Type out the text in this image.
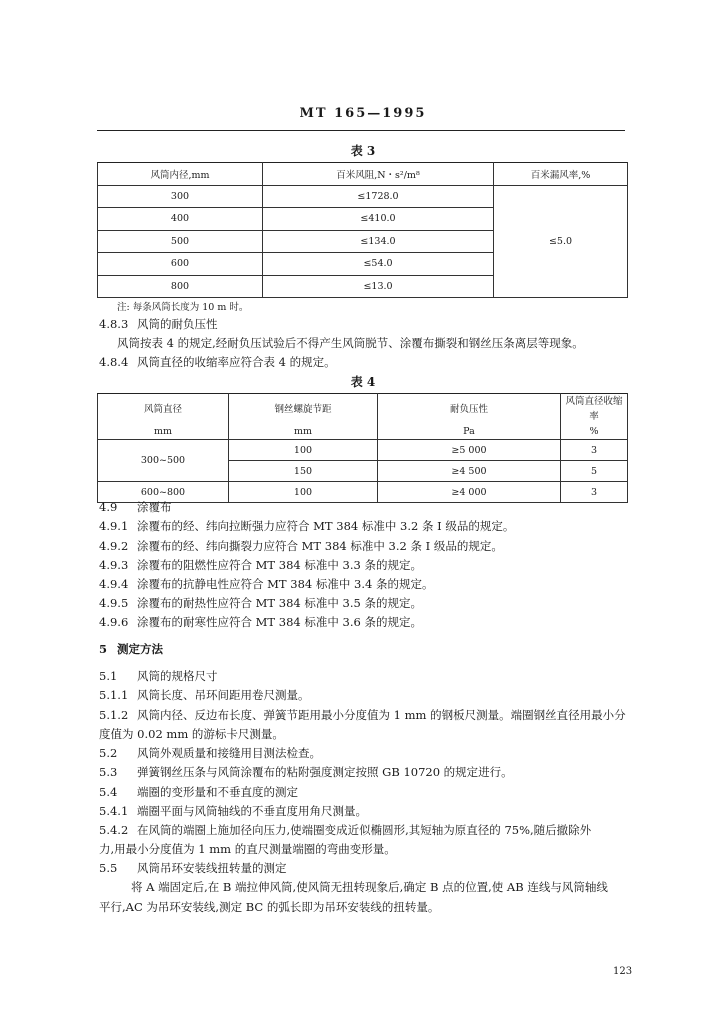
MT 165—1995
表 3
风筒内径,mm	百米风阻,N・s²/m⁸	百米漏风率,%
300	≤1728.0	≤5.0
400	≤410.0	
500	≤134.0	
600	≤54.0	
800	≤13.0	
注: 每条风筒长度为 10 m 时。
4.8.3 风筒的耐负压性
风筒按表 4 的规定,经耐负压试验后不得产生风筒脱节、涂覆布撕裂和钢丝压条离层等现象。
4.8.4 风筒直径的收缩率应符合表 4 的规定。
表 4
风筒直径	钢丝螺旋节距	耐负压性	风筒直径收缩率
mm	mm	Pa	%
300~500	100	≥5 000	3
	150	≥4 500	5
600~800	100	≥4 000	3
4.9 涂覆布
4.9.1 涂覆布的经、纬向拉断强力应符合 MT 384 标准中 3.2 条 Ⅰ 级品的规定。
4.9.2 涂覆布的经、纬向撕裂力应符合 MT 384 标准中 3.2 条 Ⅰ 级品的规定。
4.9.3 涂覆布的阻燃性应符合 MT 384 标准中 3.3 条的规定。
4.9.4 涂覆布的抗静电性应符合 MT 384 标准中 3.4 条的规定。
4.9.5 涂覆布的耐热性应符合 MT 384 标准中 3.5 条的规定。
4.9.6 涂覆布的耐寒性应符合 MT 384 标准中 3.6 条的规定。
5 测定方法
5.1 风筒的规格尺寸
5.1.1 风筒长度、吊环间距用卷尺测量。
5.1.2 风筒内径、反边布长度、弹簧节距用最小分度值为 1 mm 的钢板尺测量。端圈钢丝直径用最小分
度值为 0.02 mm 的游标卡尺测量。
5.2 风筒外观质量和接缝用目测法检查。
5.3 弹簧钢丝压条与风筒涂覆布的粘附强度测定按照 GB 10720 的规定进行。
5.4 端圈的变形量和不垂直度的测定
5.4.1 端圈平面与风筒轴线的不垂直度用角尺测量。
5.4.2 在风筒的端圈上施加径向压力,使端圈变成近似椭圆形,其短轴为原直径的 75%,随后撤除外
力,用最小分度值为 1 mm 的直尺测量端圈的弯曲变形量。
5.5 风筒吊环安装线扭转量的测定
将 A 端固定后,在 B 端拉伸风筒,使风筒无扭转现象后,确定 B 点的位置,使 AB 连线与风筒轴线
平行,AC 为吊环安装线,测定 BC 的弧长即为吊环安装线的扭转量。
123
